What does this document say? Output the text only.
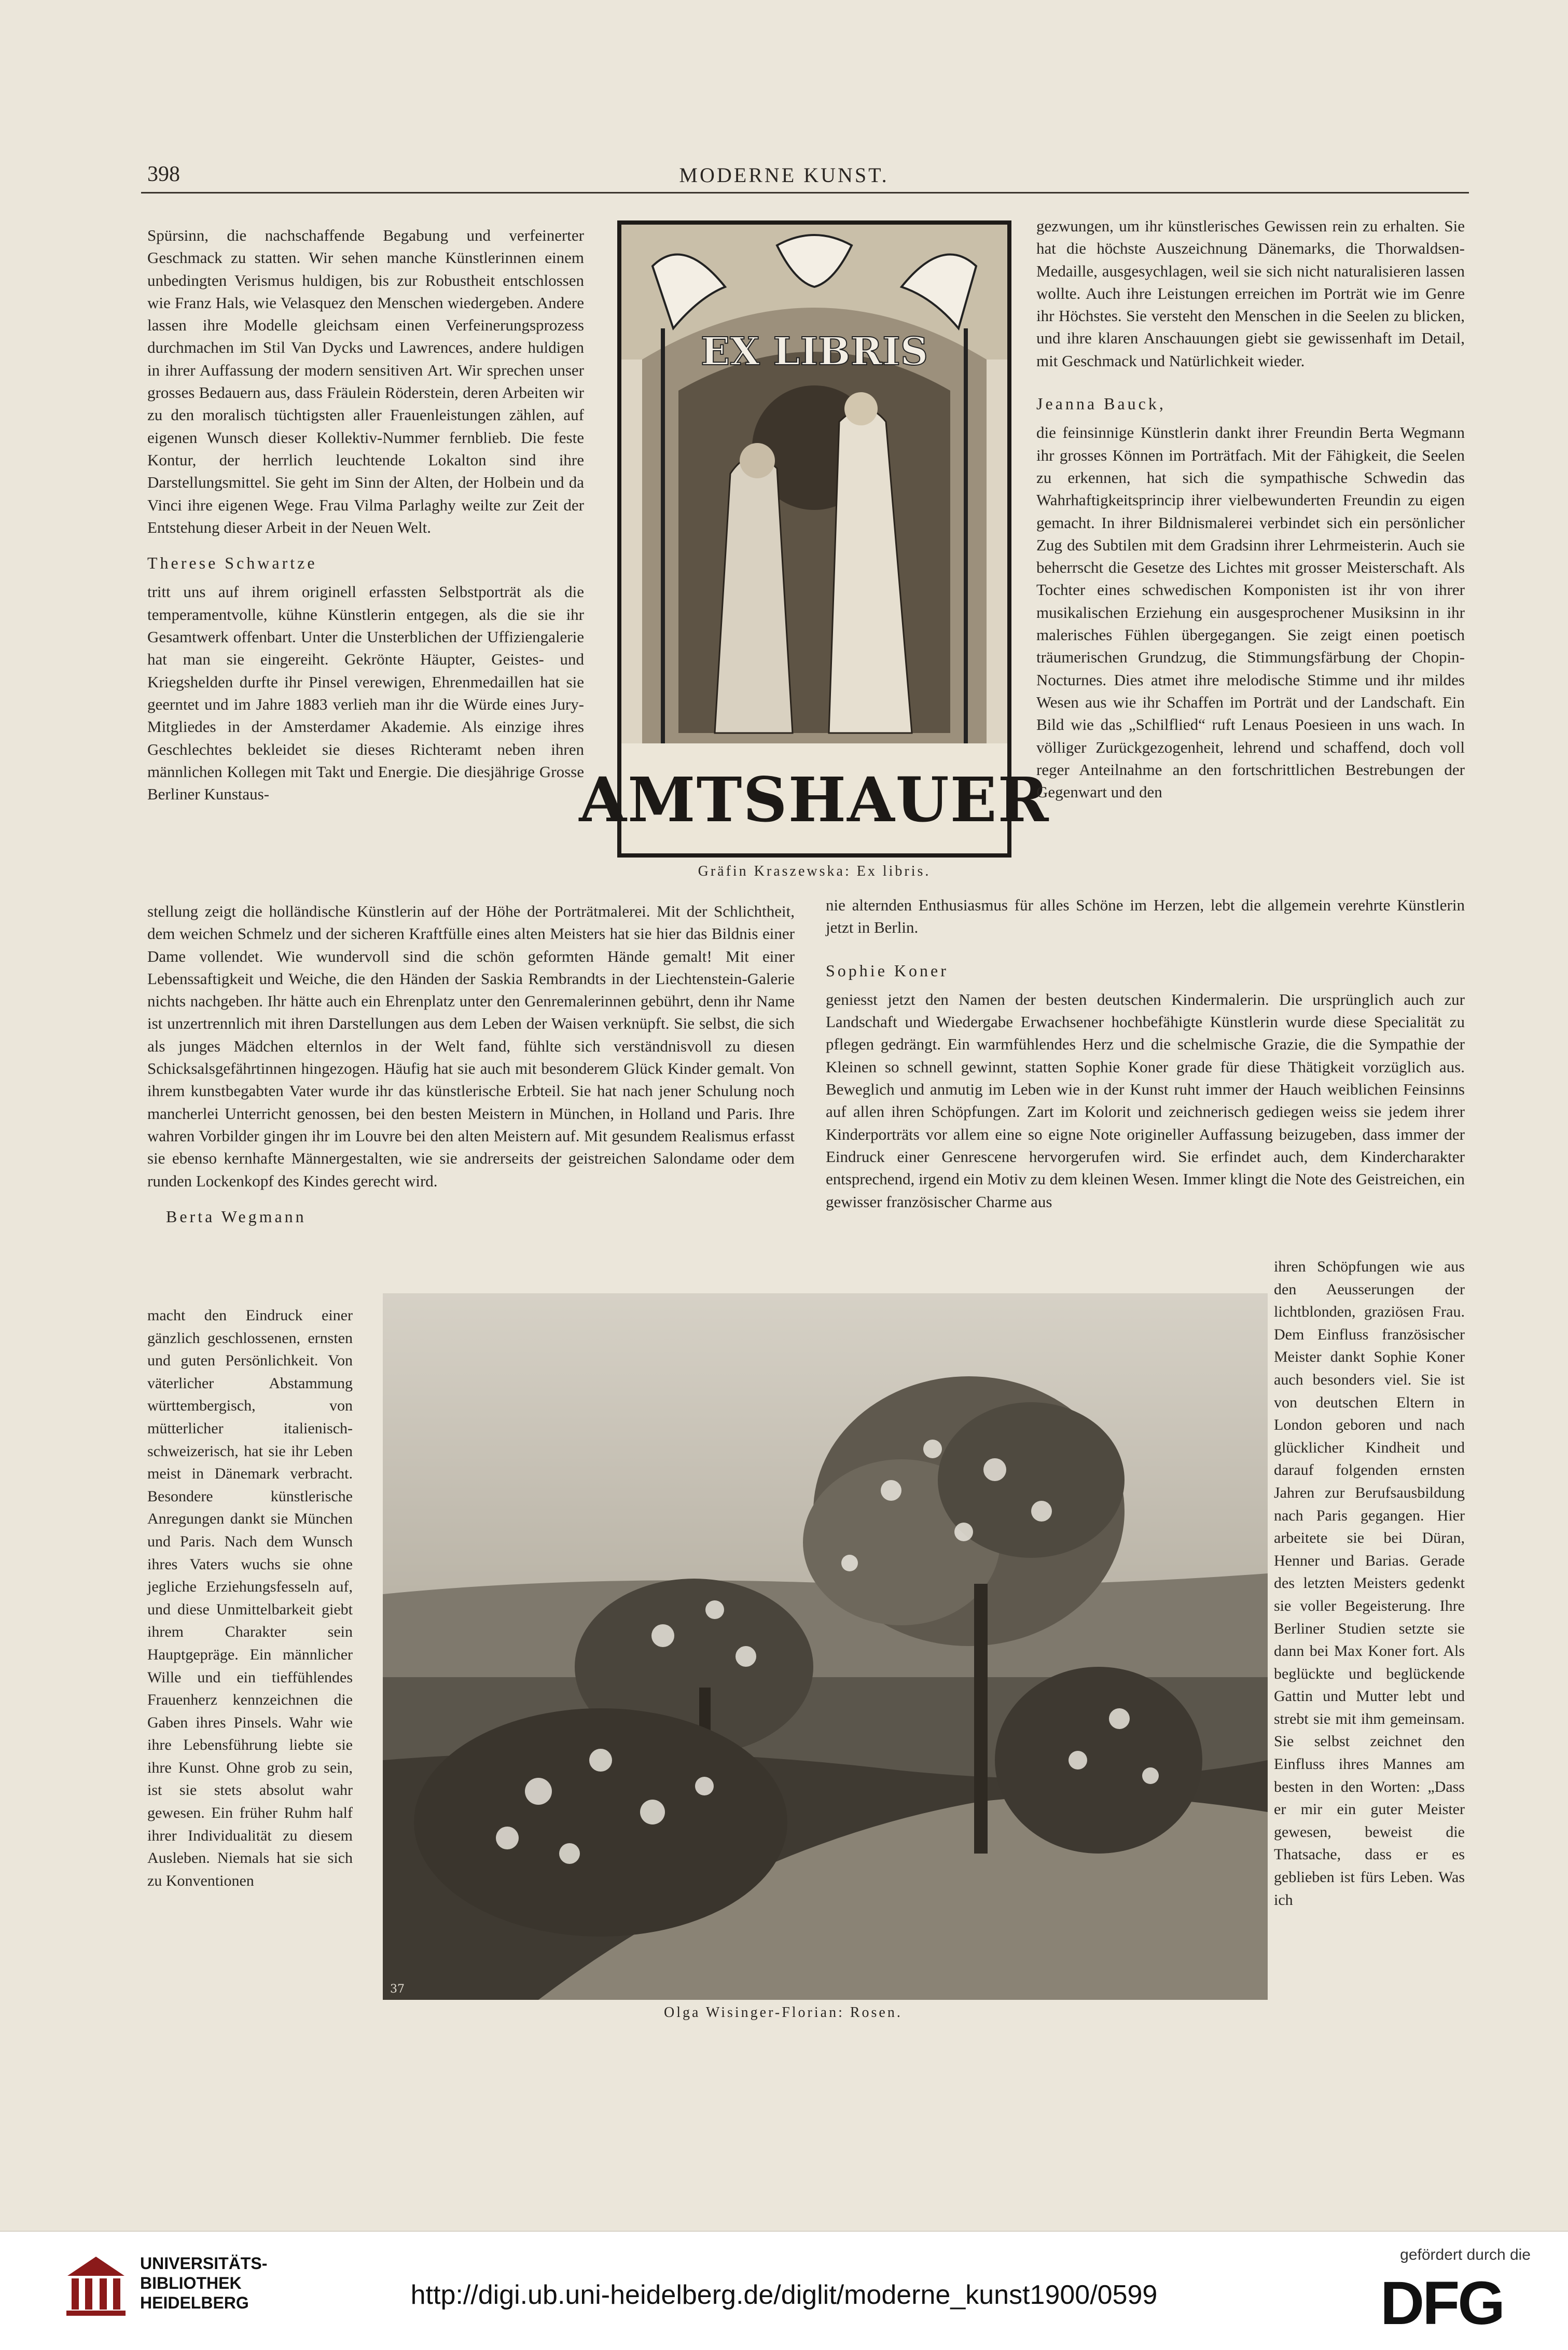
398	MODERNE KUNST.

Spürsinn, die nachschaffende Begabung und verfeinerter Geschmack zu statten. Wir sehen manche Künstlerinnen einem unbedingten Verismus huldigen, bis zur Robustheit entschlossen wie Franz Hals, wie Velasquez den Menschen wiedergeben. Andere lassen ihre Modelle gleichsam einen Verfeinerungsprozess durchmachen im Stil Van Dycks und Lawrences, andere huldigen in ihrer Auffassung der modern sensitiven Art. Wir sprechen unser grosses Bedauern aus, dass Fräulein Röderstein, deren Arbeiten wir zu den moralisch tüchtigsten aller Frauenleistungen zählen, auf eigenen Wunsch dieser Kollektiv-Nummer fernblieb. Die feste Kontur, der herrlich leuchtende Lokalton sind ihre Darstellungsmittel. Sie geht im Sinn der Alten, der Holbein und da Vinci ihre eigenen Wege. Frau Vilma Parlaghy weilte zur Zeit der Entstehung dieser Arbeit in der Neuen Welt.

Therese Schwartze

tritt uns auf ihrem originell erfassten Selbstporträt als die temperamentvolle, kühne Künstlerin entgegen, als die sie ihr Gesamtwerk offenbart. Unter die Unsterblichen der Uffiziengalerie hat man sie eingereiht. Gekrönte Häupter, Geistes- und Kriegshelden durfte ihr Pinsel verewigen, Ehrenmedaillen hat sie geerntet und im Jahre 1883 verlieh man ihr die Würde eines Jury-Mitgliedes in der Amsterdamer Akademie. Als einzige ihres Geschlechtes bekleidet sie dieses Richteramt neben ihren männlichen Kollegen mit Takt und Energie. Die diesjährige Grosse Berliner Kunstaus-

EX LIBRIS
AMTSHAUER
Gräfin Kraszewska: Ex libris.

gezwungen, um ihr künstlerisches Gewissen rein zu erhalten. Sie hat die höchste Auszeichnung Dänemarks, die Thorwaldsen-Medaille, ausgesychlagen, weil sie sich nicht naturalisieren lassen wollte. Auch ihre Leistungen erreichen im Porträt wie im Genre ihr Höchstes. Sie versteht den Menschen in die Seelen zu blicken, und ihre klaren Anschauungen giebt sie gewissenhaft im Detail, mit Geschmack und Natürlichkeit wieder.

Jeanna Bauck,

die feinsinnige Künstlerin dankt ihrer Freundin Berta Wegmann ihr grosses Können im Porträtfach. Mit der Fähigkeit, die Seelen zu erkennen, hat sich die sympathische Schwedin das Wahrhaftigkeitsprincip ihrer vielbewunderten Freundin zu eigen gemacht. In ihrer Bildnismalerei verbindet sich ein persönlicher Zug des Subtilen mit dem Gradsinn ihrer Lehrmeisterin. Auch sie beherrscht die Gesetze des Lichtes mit grosser Meisterschaft. Als Tochter eines schwedischen Komponisten ist ihr von ihrer musikalischen Erziehung ein ausgesprochener Musiksinn in ihr malerisches Fühlen übergegangen. Sie zeigt einen poetisch träumerischen Grundzug, die Stimmungsfärbung der Chopin-Nocturnes. Dies atmet ihre melodische Stimme und ihr mildes Wesen aus wie ihr Schaffen im Porträt und der Landschaft. Ein Bild wie das „Schilflied“ ruft Lenaus Poesieen in uns wach. In völliger Zurückgezogenheit, lehrend und schaffend, doch voll reger Anteilnahme an den fortschrittlichen Bestrebungen der Gegenwart und den

stellung zeigt die holländische Künstlerin auf der Höhe der Porträtmalerei. Mit der Schlichtheit, dem weichen Schmelz und der sicheren Kraftfülle eines alten Meisters hat sie hier das Bildnis einer Dame vollendet. Wie wundervoll sind die schön geformten Hände gemalt! Mit einer Lebenssaftigkeit und Weiche, die den Händen der Saskia Rembrandts in der Liechtenstein-Galerie nichts nachgeben. Ihr hätte auch ein Ehrenplatz unter den Genremalerinnen gebührt, denn ihr Name ist unzertrennlich mit ihren Darstellungen aus dem Leben der Waisen verknüpft. Sie selbst, die sich als junges Mädchen elternlos in der Welt fand, fühlte sich verständnisvoll zu diesen Schicksalsgefährtinnen hingezogen. Häufig hat sie auch mit besonderem Glück Kinder gemalt. Von ihrem kunstbegabten Vater wurde ihr das künstlerische Erbteil. Sie hat nach jener Schulung noch mancherlei Unterricht genossen, bei den besten Meistern in München, in Holland und Paris. Ihre wahren Vorbilder gingen ihr im Louvre bei den alten Meistern auf. Mit gesundem Realismus erfasst sie ebenso kernhafte Männergestalten, wie sie andrerseits der geistreichen Salondame oder dem runden Lockenkopf des Kindes gerecht wird.

Berta Wegmann

nie alternden Enthusiasmus für alles Schöne im Herzen, lebt die allgemein verehrte Künstlerin jetzt in Berlin.

Sophie Koner

geniesst jetzt den Namen der besten deutschen Kindermalerin. Die ursprünglich auch zur Landschaft und Wiedergabe Erwachsener hochbefähigte Künstlerin wurde diese Specialität zu pflegen gedrängt. Ein warmfühlendes Herz und die schelmische Grazie, die die Sympathie der Kleinen so schnell gewinnt, statten Sophie Koner grade für diese Thätigkeit vorzüglich aus. Beweglich und anmutig im Leben wie in der Kunst ruht immer der Hauch weiblichen Feinsinns auf allen ihren Schöpfungen. Zart im Kolorit und zeichnerisch gediegen weiss sie jedem ihrer Kinderporträts vor allem eine so eigne Note origineller Auffassung beizugeben, dass immer der Eindruck einer Genrescene hervorgerufen wird. Sie erfindet auch, dem Kindercharakter entsprechend, irgend ein Motiv zu dem kleinen Wesen. Immer klingt die Note des Geistreichen, ein gewisser französischer Charme aus

macht den Eindruck einer gänzlich geschlossenen, ernsten und guten Persönlichkeit. Von väterlicher Abstammung württembergisch, von mütterlicher italienisch-schweizerisch, hat sie ihr Leben meist in Dänemark verbracht. Besondere künstlerische Anregungen dankt sie München und Paris. Nach dem Wunsch ihres Vaters wuchs sie ohne jegliche Erziehungsfesseln auf, und diese Unmittelbarkeit giebt ihrem Charakter sein Hauptgepräge. Ein männlicher Wille und ein tieffühlendes Frauenherz kennzeichnen die Gaben ihres Pinsels. Wahr wie ihre Lebensführung liebte sie ihre Kunst. Ohne grob zu sein, ist sie stets absolut wahr gewesen. Ein früher Ruhm half ihrer Individualität zu diesem Ausleben. Niemals hat sie sich zu Konventionen

37
Olga Wisinger-Florian: Rosen.

ihren Schöpfungen wie aus den Aeusserungen der lichtblonden, graziösen Frau. Dem Einfluss französischer Meister dankt Sophie Koner auch besonders viel. Sie ist von deutschen Eltern in London geboren und nach glücklicher Kindheit und darauf folgenden ernsten Jahren zur Berufsausbildung nach Paris gegangen. Hier arbeitete sie bei Düran, Henner und Barias. Gerade des letzten Meisters gedenkt sie voller Begeisterung. Ihre Berliner Studien setzte sie dann bei Max Koner fort. Als beglückte und beglückende Gattin und Mutter lebt und strebt sie mit ihm gemeinsam. Sie selbst zeichnet den Einfluss ihres Mannes am besten in den Worten: „Dass er mir ein guter Meister gewesen, beweist die Thatsache, dass er es geblieben ist fürs Leben. Was ich

UNIVERSITÄTS-
BIBLIOTHEK
HEIDELBERG	http://digi.ub.uni-heidelberg.de/diglit/moderne_kunst1900/0599
gefördert durch die
DFG
